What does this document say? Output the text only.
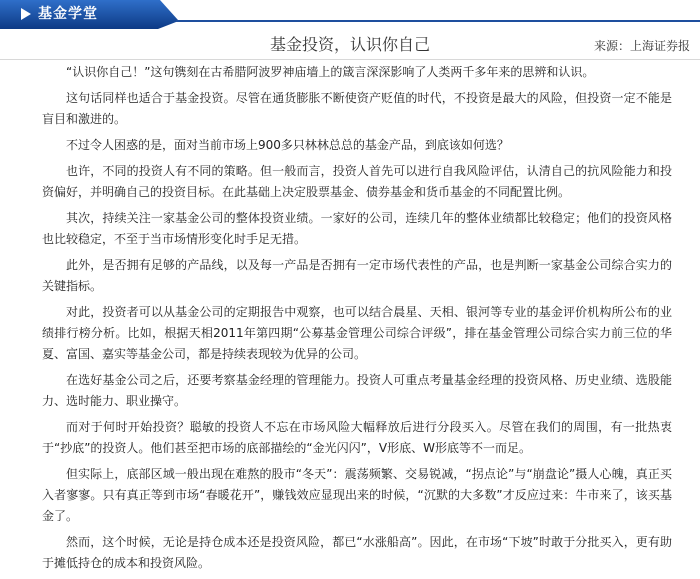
基金学堂
基金投资，认识你自己	来源：上海证券报

“认识你自己！”这句镌刻在古希腊阿波罗神庙墙上的箴言深深影响了人类两千多年来的思辨和认识。

这句话同样也适合于基金投资。尽管在通货膨胀不断使资产贬值的时代，不投资是最大的风险，但投资一定不能是盲目和激进的。

不过令人困惑的是，面对当前市场上900多只林林总总的基金产品，到底该如何选？

也许，不同的投资人有不同的策略。但一般而言，投资人首先可以进行自我风险评估，认清自己的抗风险能力和投资偏好，并明确自己的投资目标。在此基础上决定股票基金、债券基金和货币基金的不同配置比例。

其次，持续关注一家基金公司的整体投资业绩。一家好的公司，连续几年的整体业绩都比较稳定；他们的投资风格也比较稳定，不至于当市场情形变化时手足无措。

此外，是否拥有足够的产品线，以及每一产品是否拥有一定市场代表性的产品，也是判断一家基金公司综合实力的关键指标。

对此，投资者可以从基金公司的定期报告中观察，也可以结合晨星、天相、银河等专业的基金评价机构所公布的业绩排行榜分析。比如，根据天相2011年第四期“公募基金管理公司综合评级”，排在基金管理公司综合实力前三位的华夏、富国、嘉实等基金公司，都是持续表现较为优异的公司。

在选好基金公司之后，还要考察基金经理的管理能力。投资人可重点考量基金经理的投资风格、历史业绩、选股能力、选时能力、职业操守。

而对于何时开始投资？聪敏的投资人不忘在市场风险大幅释放后进行分段买入。尽管在我们的周围，有一批热衷于“抄底”的投资人。他们甚至把市场的底部描绘的“金光闪闪”，V形底、W形底等不一而足。

但实际上，底部区域一般出现在难熬的股市“冬天”：震荡频繁、交易锐减，“拐点论”与“崩盘论”摄人心魄，真正买入者寥寥。只有真正等到市场“春暖花开”，赚钱效应显现出来的时候，“沉默的大多数”才反应过来：牛市来了，该买基金了。

然而，这个时候，无论是持仓成本还是投资风险，都已“水涨船高”。因此，在市场“下坡”时敢于分批买入，更有助于摊低持仓的成本和投资风险。
